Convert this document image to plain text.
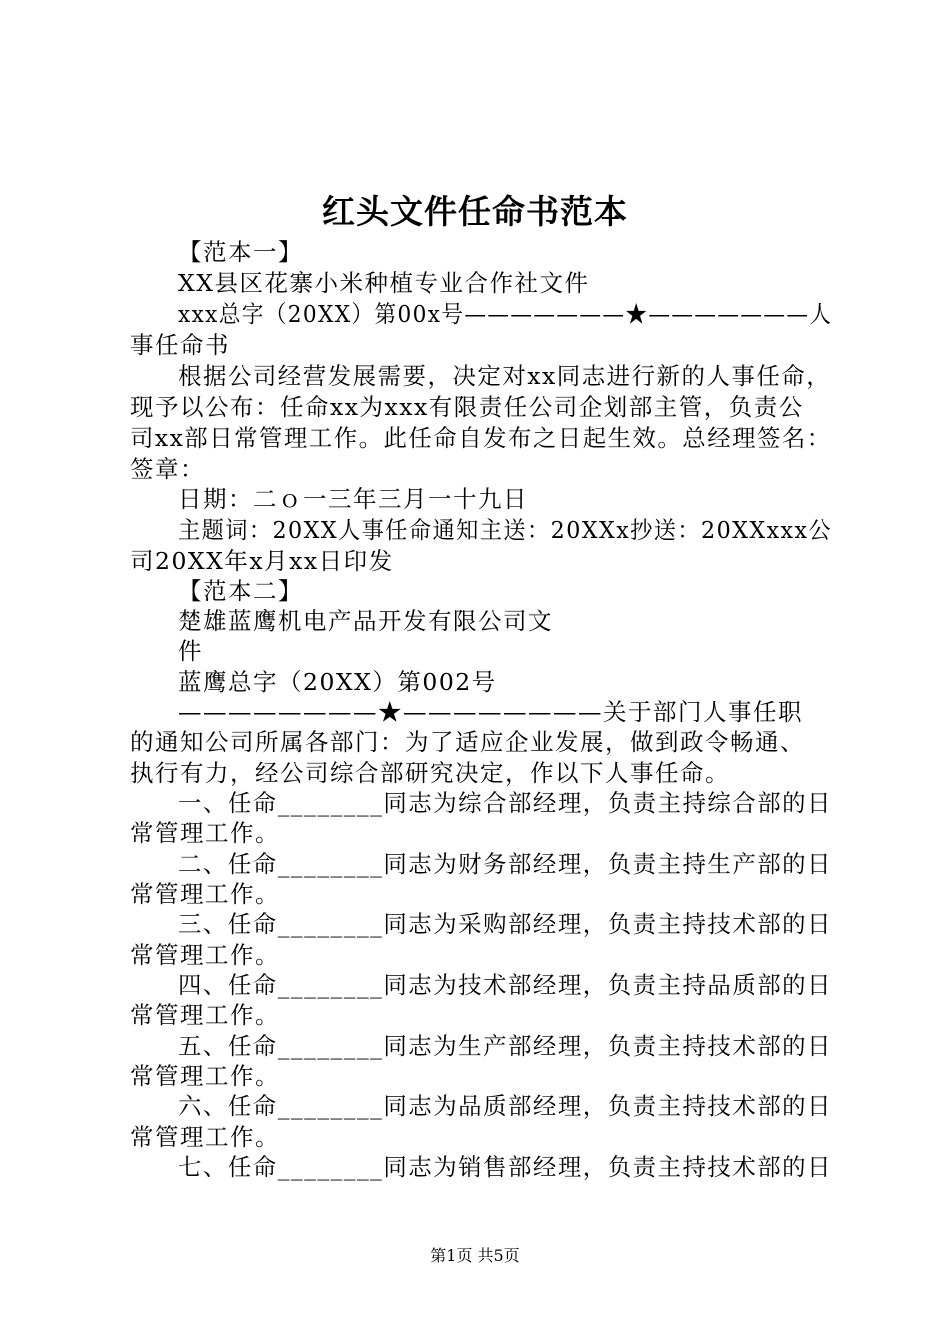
红头文件任命书范本
【范本一】
XX县区花寨小米种植专业合作社文件
xxx总字（20XX）第00x号———————★———————人
事任命书
根据公司经营发展需要，决定对xx同志进行新的人事任命，
现予以公布：任命xx为xxx有限责任公司企划部主管，负责公
司xx部日常管理工作。此任命自发布之日起生效。总经理签名：
签章：
日期：二ｏ一三年三月一十九日
主题词：20XX人事任命通知主送：20XXx抄送：20XXxxx公
司20XX年x月xx日印发
【范本二】
楚雄蓝鹰机电产品开发有限公司文
件
蓝鹰总字（20XX）第002号
————————★————————关于部门人事任职
的通知公司所属各部门：为了适应企业发展，做到政令畅通、
执行有力，经公司综合部研究决定，作以下人事任命。
一、任命________同志为综合部经理，负责主持综合部的日
常管理工作。
二、任命________同志为财务部经理，负责主持生产部的日
常管理工作。
三、任命________同志为采购部经理，负责主持技术部的日
常管理工作。
四、任命________同志为技术部经理，负责主持品质部的日
常管理工作。
五、任命________同志为生产部经理，负责主持技术部的日
常管理工作。
六、任命________同志为品质部经理，负责主持技术部的日
常管理工作。
七、任命________同志为销售部经理，负责主持技术部的日
第1页 共5页
